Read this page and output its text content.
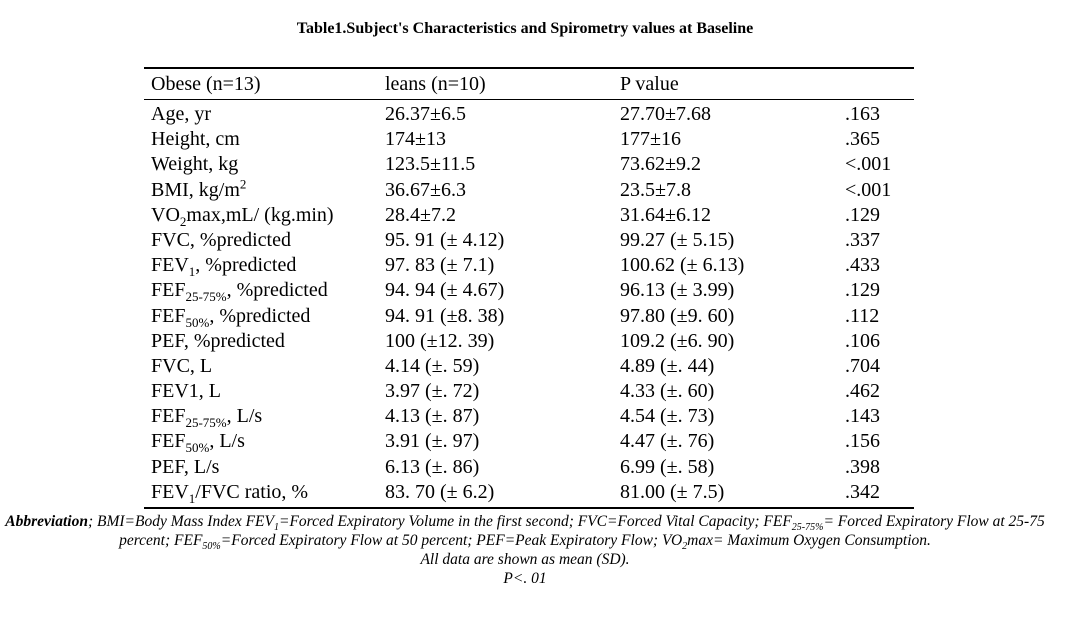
Table1.Subject's Characteristics and Spirometry values at Baseline
Obese (n=13)	leans (n=10)	P value
Age, yr	26.37±6.5	27.70±7.68	.163
Height, cm	174±13	177±16	.365
Weight, kg	123.5±11.5	73.62±9.2	<.001
BMI, $kg/m^2$	36.67±6.3	23.5±7.8	<.001
$VO_2\max,mL/$ (kg.min)	28.4±7.2	31.64±6.12	.129
FVC, %predicted	95. 91 (± 4.12)	99.27 (± 5.15)	.337
$FEV_1$, %predicted	97. 83 (± 7.1)	100.62 (± 6.13)	.433
$FEF_{25-75\%}$, %predicted	94. 94 (± 4.67)	96.13 (± 3.99)	.129
$FEF_{50\%}$, %predicted	94. 91 (±8. 38)	97.80 (±9. 60)	.112
PEF, %predicted	100 (±12. 39)	109.2 (±6. 90)	.106
FVC, L	4.14 (±. 59)	4.89 (±. 44)	.704
FEV1, L	3.97 (±. 72)	4.33 (±. 60)	.462
$FEF_{25-75\%}$, L/s	4.13 (±. 87)	4.54 (±. 73)	.143
$FEF_{50\%}$, L/s	3.91 (±. 97)	4.47 (±. 76)	.156
PEF, L/s	6.13 (±. 86)	6.99 (±. 58)	.398
$FEV_1$/FVC ratio, %	83. 70 (± 6.2)	81.00 (± 7.5)	.342
Abbreviation; BMI=Body Mass Index $FEV_1=Forced$ Expiratory Volume in the first second; FVC=Forced Vital Capacity; $FEF_{25-75\%}=$ Forced Expiratory Flow at 25-75 percent; $FEF_{50\%}=Forced$ Expiratory Flow at 50 percent; PEF=Peak Expiratory Flow; $VO_2\max=$ Maximum Oxygen Consumption.
All data are shown as mean (SD).
P<. 01
